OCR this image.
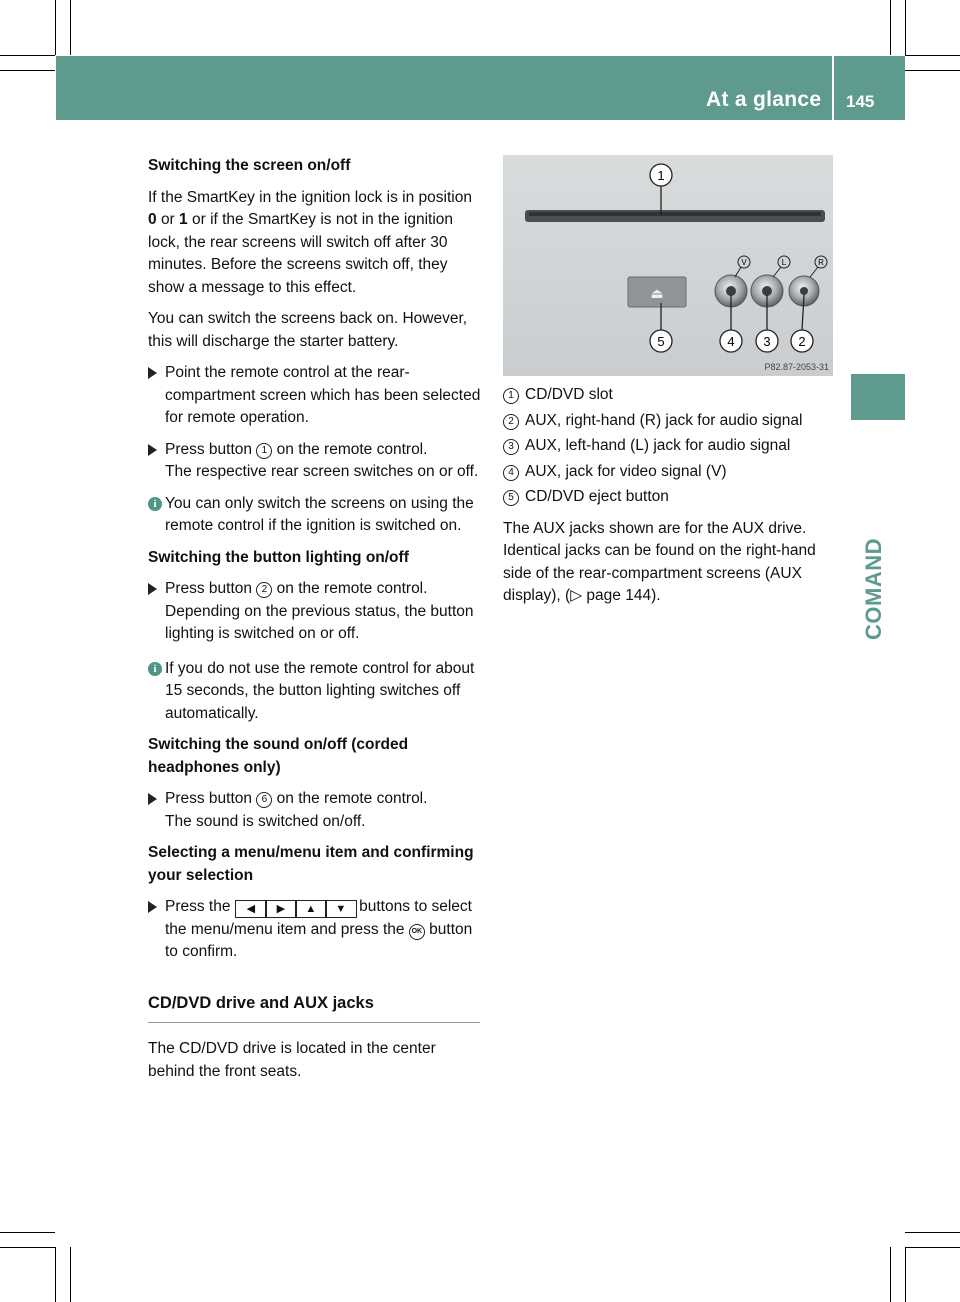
At a glance 145
COMAND

Switching the screen on/off

If the SmartKey in the ignition lock is in position 0 or 1 or if the SmartKey is not in the ignition lock, the rear screens will switch off after 30 minutes. Before the screens switch off, they show a message to this effect.

You can switch the screens back on. However, this will discharge the starter battery.

Point the remote control at the rear-compartment screen which has been selected for remote operation.

Press button 1 on the remote control.

The respective rear screen switches on or off.

i You can only switch the screens on using the remote control if the ignition is switched on.

Switching the button lighting on/off

Press button 2 on the remote control.

Depending on the previous status, the button lighting is switched on or off.

i If you do not use the remote control for about 15 seconds, the button lighting switches off automatically.

Switching the sound on/off (corded headphones only)

Press button 6 on the remote control.

The sound is switched on/off.

Selecting a menu/menu item and confirming your selection

Press the ◀ ▶ ▲ ▼ buttons to select the menu/menu item and press the OK button to confirm.

CD/DVD drive and AUX jacks

The CD/DVD drive is located in the center behind the front seats.

⏏
V	L	R
1
5	4 3 2
P82.87-2053-31

1 CD/DVD slot

2 AUX, right-hand (R) jack for audio signal

3 AUX, left-hand (L) jack for audio signal

4 AUX, jack for video signal (V)

5 CD/DVD eject button

The AUX jacks shown are for the AUX drive. Identical jacks can be found on the right-hand side of the rear-compartment screens (AUX display), (▷ page 144).
